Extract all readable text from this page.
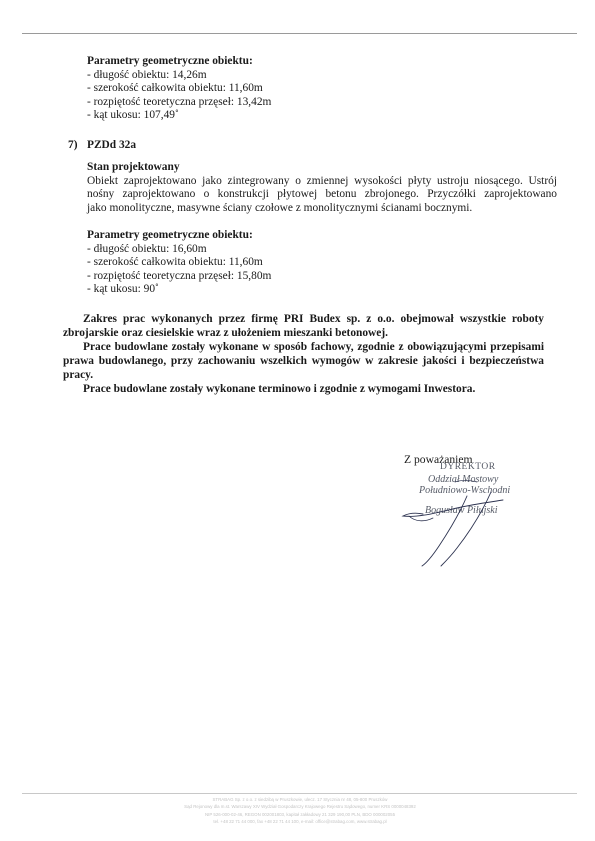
Parametry geometryczne obiektu:
- długość obiektu: 14,26m
- szerokość całkowita obiektu: 11,60m
- rozpiętość teoretyczna przęseł: 13,42m
- kąt ukosu: 107,49˚
7) PZDd 32a
Stan projektowany
Obiekt zaprojektowano jako zintegrowany o zmiennej wysokości płyty ustroju niosącego. Ustrój
nośny zaprojektowano o konstrukcji płytowej betonu zbrojonego. Przyczółki zaprojektowano
jako monolityczne, masywne ściany czołowe z monolitycznymi ścianami bocznymi.
Parametry geometryczne obiektu:
- długość obiektu: 16,60m
- szerokość całkowita obiektu: 11,60m
- rozpiętość teoretyczna przęseł: 15,80m
- kąt ukosu: 90˚
Zakres prac wykonanych przez firmę PRI Budex sp. z o.o. obejmował wszystkie roboty
zbrojarskie oraz ciesielskie wraz z ułożeniem mieszanki betonowej.
Prace budowlane zostały wykonane w sposób fachowy, zgodnie z obowiązującymi przepisami
prawa budowlanego, przy zachowaniu wszelkich wymogów w zakresie jakości i bezpieczeństwa
pracy.
Prace budowlane zostały wykonane terminowo i zgodnie z wymogami Inwestora.
Z poważaniem
DYREKTOR
Oddział Mostowy
Południowo-Wschodni
Bogusław Piłujski
STRABAG Sp. z o.o. z siedzibą w Pruszkowie, ulecz. 17 Stycznia nr 48, 05-800 Pruszków
Sąd Rejonowy dla m.st. Warszawy XIV Wydział Gospodarczy Krajowego Rejestru Sądowego, numer KRS 0000048392
NIP 526-000-02-46, REGON 002001803, kapitał zakładowy 21 329 190,00 PLN, BDO 000002055
tel. +48 22 71 44 000, fax +48 22 71 44 100, e-mail: office@strabag.com, www.strabag.pl
